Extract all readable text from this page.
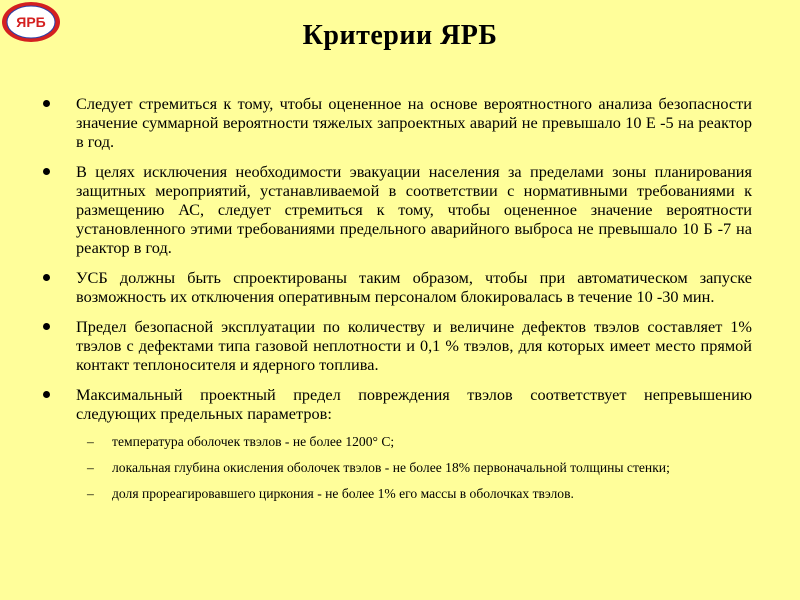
ЯРБ	Критерии ЯРБ
Следует стремиться к тому, чтобы оцененное на основе вероятностного анализа безопасности значение суммарной вероятности тяжелых запроектных аварий не превышало 10 Е -5 на реактор в год.
В целях исключения необходимости эвакуации населения за пределами зоны планирования защитных мероприятий, устанавливаемой в соответствии с нормативными требованиями к размещению АС, следует стремиться к тому, чтобы оцененное значение вероятности установленного этими требованиями предельного аварийного выброса не превышало 10 Б -7 на реактор в год.
УСБ должны быть спроектированы таким образом, чтобы при автоматическом запуске возможность их отключения оперативным персоналом блокировалась в течение 10 -30 мин.
Предел безопасной эксплуатации по количеству и величине дефектов твэлов составляет 1% твэлов с дефектами типа газовой неплотности и 0,1 % твэлов, для которых имеет место прямой контакт теплоносителя и ядерного топлива.
Максимальный проектный предел повреждения твэлов соответствует непревышению следующих предельных параметров:
– температура оболочек твэлов - не более 1200° С;
– локальная глубина окисления оболочек твэлов - не более 18% первоначальной толщины стенки;
– доля прореагировавшего циркония - не более 1% его массы в оболочках твэлов.
